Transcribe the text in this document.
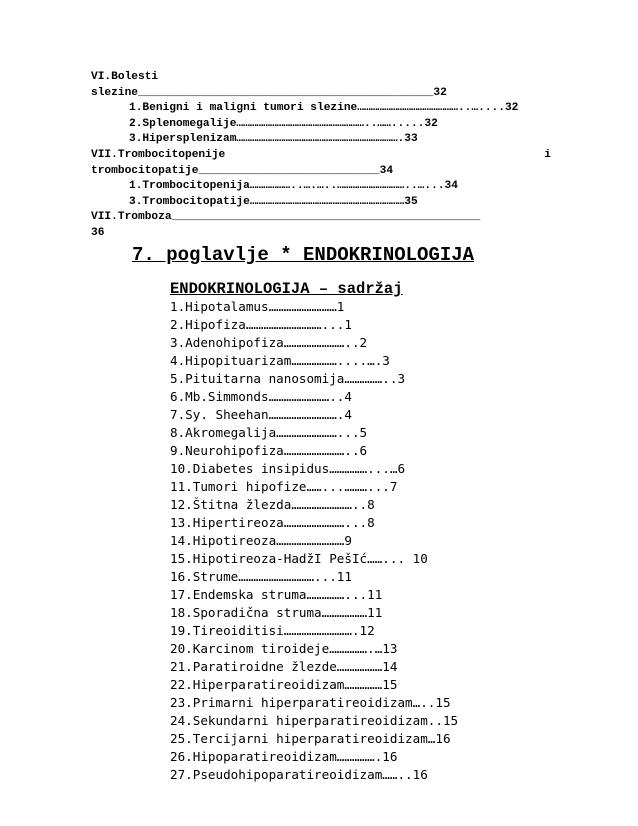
VI.Bolesti
slezine____________________________________________32
1.Benigni i maligni tumori slezine………………………………………..…....32
2.Splenomegalije…………………………………………………..…….....32
3.Hipersplenizam……………………………………………………………….33
VII.Trombocitopenije	i
trombocitopatije___________________________34
1.Trombocitopenija………………..….…..…………………………..…...34
3.Trombocitopatije……………………………………………………………35
VII.Tromboza______________________________________________
36
7. poglavlje * ENDOKRINOLOGIJA
ENDOKRINOLOGIJA – sadržaj
1.Hipotalamus………………………1
2.Hipofiza…………………………...1
3.Adenohipofiza……………………..2
4.Hipopituarizam………………....….3
5.Pituitarna nanosomija……………..3
6.Mb.Simmonds……………………..4
7.Sy. Sheehan……………………….4
8.Akromegalija……………………...5
9.Neurohipofiza……………………..6
10.Diabetes insipidus……………...…6
11.Tumori hipofize……...………...7
12.Štitna žlezda……………………..8
13.Hipertireoza……………………...8
14.Hipotireoza………………………9
15.Hipotireoza-HadžI PešIć……... 10
16.Strume…………………………...11
17.Endemska struma……………...11
18.Sporadična struma………………11
19.Tireoiditisi……………………….12
20.Karcinom tiroideje…………….…13
21.Paratiroidne žlezde………………14
22.Hiperparatireoidizam……………15
23.Primarni hiperparatireoidizam…..15
24.Sekundarni hiperparatireoidizam..15
25.Tercijarni hiperparatireoidizam…16
26.Hipoparatireoidizam…………….16
27.Pseudohipoparatireoidizam……..16
